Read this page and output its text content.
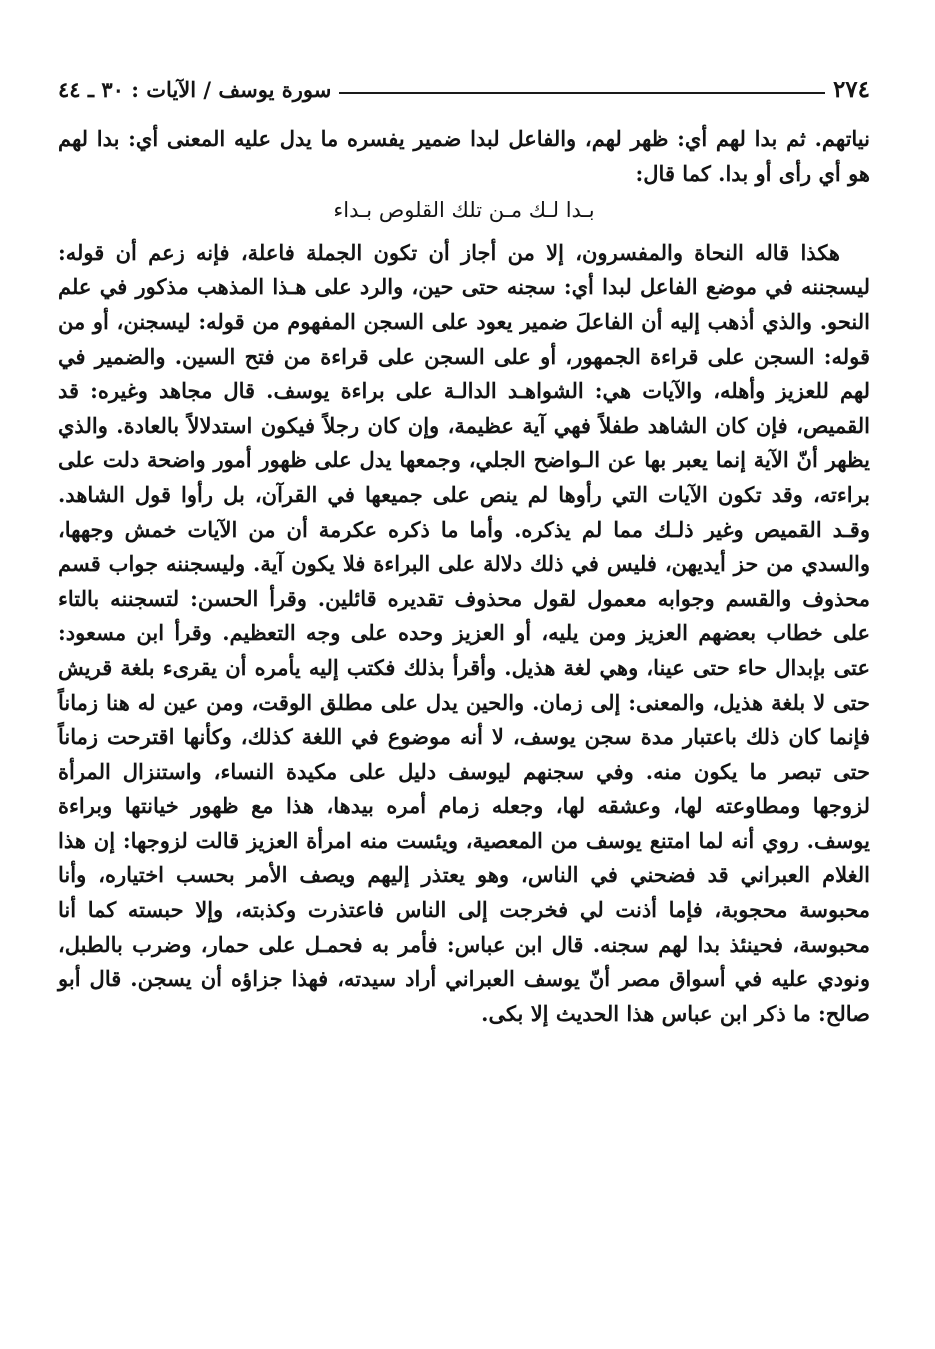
٢٧٤
سورة يوسف / الآيات : ٣٠ ـ ٤٤

نياتهم. ثم بدا لهم أي: ظهر لهم، والفاعل لبدا ضمير يفسره ما يدل عليه المعنى أي: بدا لهم هو أي رأى أو بدا. كما قال:

بـدا لـك مـن تلك القلوص بـداء

هكذا قاله النحاة والمفسرون، إلا من أجاز أن تكون الجملة فاعلة، فإنه زعم أن قوله: ليسجننه في موضع الفاعل لبدا أي: سجنه حتى حين، والرد على هـذا المذهب مذكور في علم النحو. والذي أذهب إليه أن الفاعلَ ضمير يعود على السجن المفهوم من قوله: ليسجنن، أو من قوله: السجن على قراءة الجمهور، أو على السجن على قراءة من فتح السين. والضمير في لهم للعزيز وأهله، والآيات هي: الشواهـد الدالـة على براءة يوسف. قال مجاهد وغيره: قد القميص، فإن كان الشاهد طفلاً فهي آية عظيمة، وإن كان رجلاً فيكون استدلالاً بالعادة. والذي يظهر أنّ الآية إنما يعبر بها عن الـواضح الجلي، وجمعها يدل على ظهور أمور واضحة دلت على براءته، وقد تكون الآيات التي رأوها لم ينص على جميعها في القرآن، بل رأوا قول الشاهد. وقـد القميص وغير ذلـك مما لم يذكره. وأما ما ذكره عكرمة أن من الآيات خمش وجهها، والسدي من حز أيديهن، فليس في ذلك دلالة على البراءة فلا يكون آية. وليسجننه جواب قسم محذوف والقسم وجوابه معمول لقول محذوف تقديره قائلين. وقرأ الحسن: لتسجننه بالتاء على خطاب بعضهم العزيز ومن يليه، أو العزيز وحده على وجه التعظيم. وقرأ ابن مسعود: عتى بإبدال حاء حتى عينا، وهي لغة هذيل. وأقرأ بذلك فكتب إليه يأمره أن يقرىء بلغة قريش حتى لا بلغة هذيل، والمعنى: إلى زمان. والحين يدل على مطلق الوقت، ومن عين له هنا زماناً فإنما كان ذلك باعتبار مدة سجن يوسف، لا أنه موضوع في اللغة كذلك، وكأنها اقترحت زماناً حتى تبصر ما يكون منه. وفي سجنهم ليوسف دليل على مكيدة النساء، واستنزال المرأة لزوجها ومطاوعته لها، وعشقه لها، وجعله زمام أمره بيدها، هذا مع ظهور خيانتها وبراءة يوسف. روي أنه لما امتنع يوسف من المعصية، ويئست منه امرأة العزيز قالت لزوجها: إن هذا الغلام العبراني قد فضحني في الناس، وهو يعتذر إليهم ويصف الأمر بحسب اختياره، وأنا محبوسة محجوبة، فإما أذنت لي فخرجت إلى الناس فاعتذرت وكذبته، وإلا حبسته كما أنا محبوسة، فحينئذ بدا لهم سجنه. قال ابن عباس: فأمر به فحمـل على حمار، وضرب بالطبل، ونودي عليه في أسواق مصر أنّ يوسف العبراني أراد سيدته، فهذا جزاؤه أن يسجن. قال أبو صالح: ما ذكر ابن عباس هذا الحديث إلا بكى.
